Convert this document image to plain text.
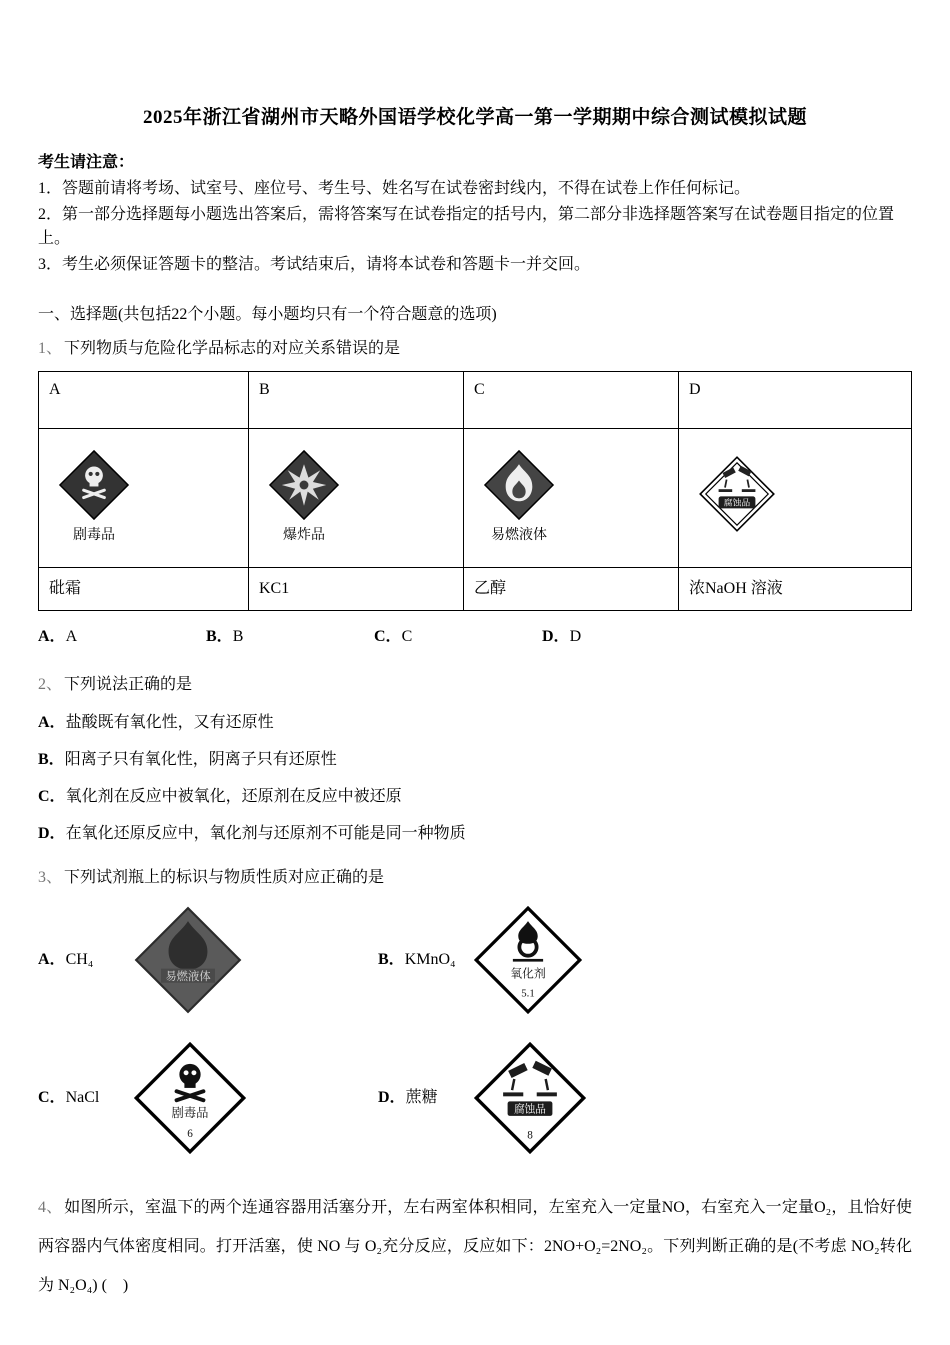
2025年浙江省湖州市天略外国语学校化学高一第一学期期中综合测试模拟试题

考生请注意：

1．答题前请将考场、试室号、座位号、考生号、姓名写在试卷密封线内，不得在试卷上作任何标记。
2．第一部分选择题每小题选出答案后，需将答案写在试卷指定的括号内，第二部分非选择题答案写在试卷题目指定的位置上。
3．考生必须保证答题卡的整洁。考试结束后，请将本试卷和答题卡一并交回。
一、选择题(共包括22个小题。每小题均只有一个符合题意的选项)
1、 下列物质与危险化学品标志的对应关系错误的是
A	B	C	D

剧毒品	爆炸品	易燃液体	腐蚀品

砒霜	KC1	乙醇	浓NaOH 溶液
A．A	B．B	C．C	D．D
2、 下列说法正确的是
A．盐酸既有氧化性，又有还原性
B．阳离子只有氧化性，阴离子只有还原性
C．氧化剂在反应中被氧化，还原剂在反应中被还原
D．在氧化还原反应中，氧化剂与还原剂不可能是同一种物质
3、 下列试剂瓶上的标识与物质性质对应正确的是
A．CH₄
易燃液体
B．KMnO₄
氧化剂
5.1
C．NaCl
剧毒品
6
D．蔗糖
腐蚀品
8
4、 如图所示，室温下的两个连通容器用活塞分开，左右两室体积相同，左室充入一定量NO，右室充入一定量O₂，且恰好使两容器内气体密度相同。打开活塞，使 NO 与 O₂充分反应，反应如下：2NO+O₂=2NO₂。下列判断正确的是(不考虑 NO₂转化为 N₂O₄) (　)
